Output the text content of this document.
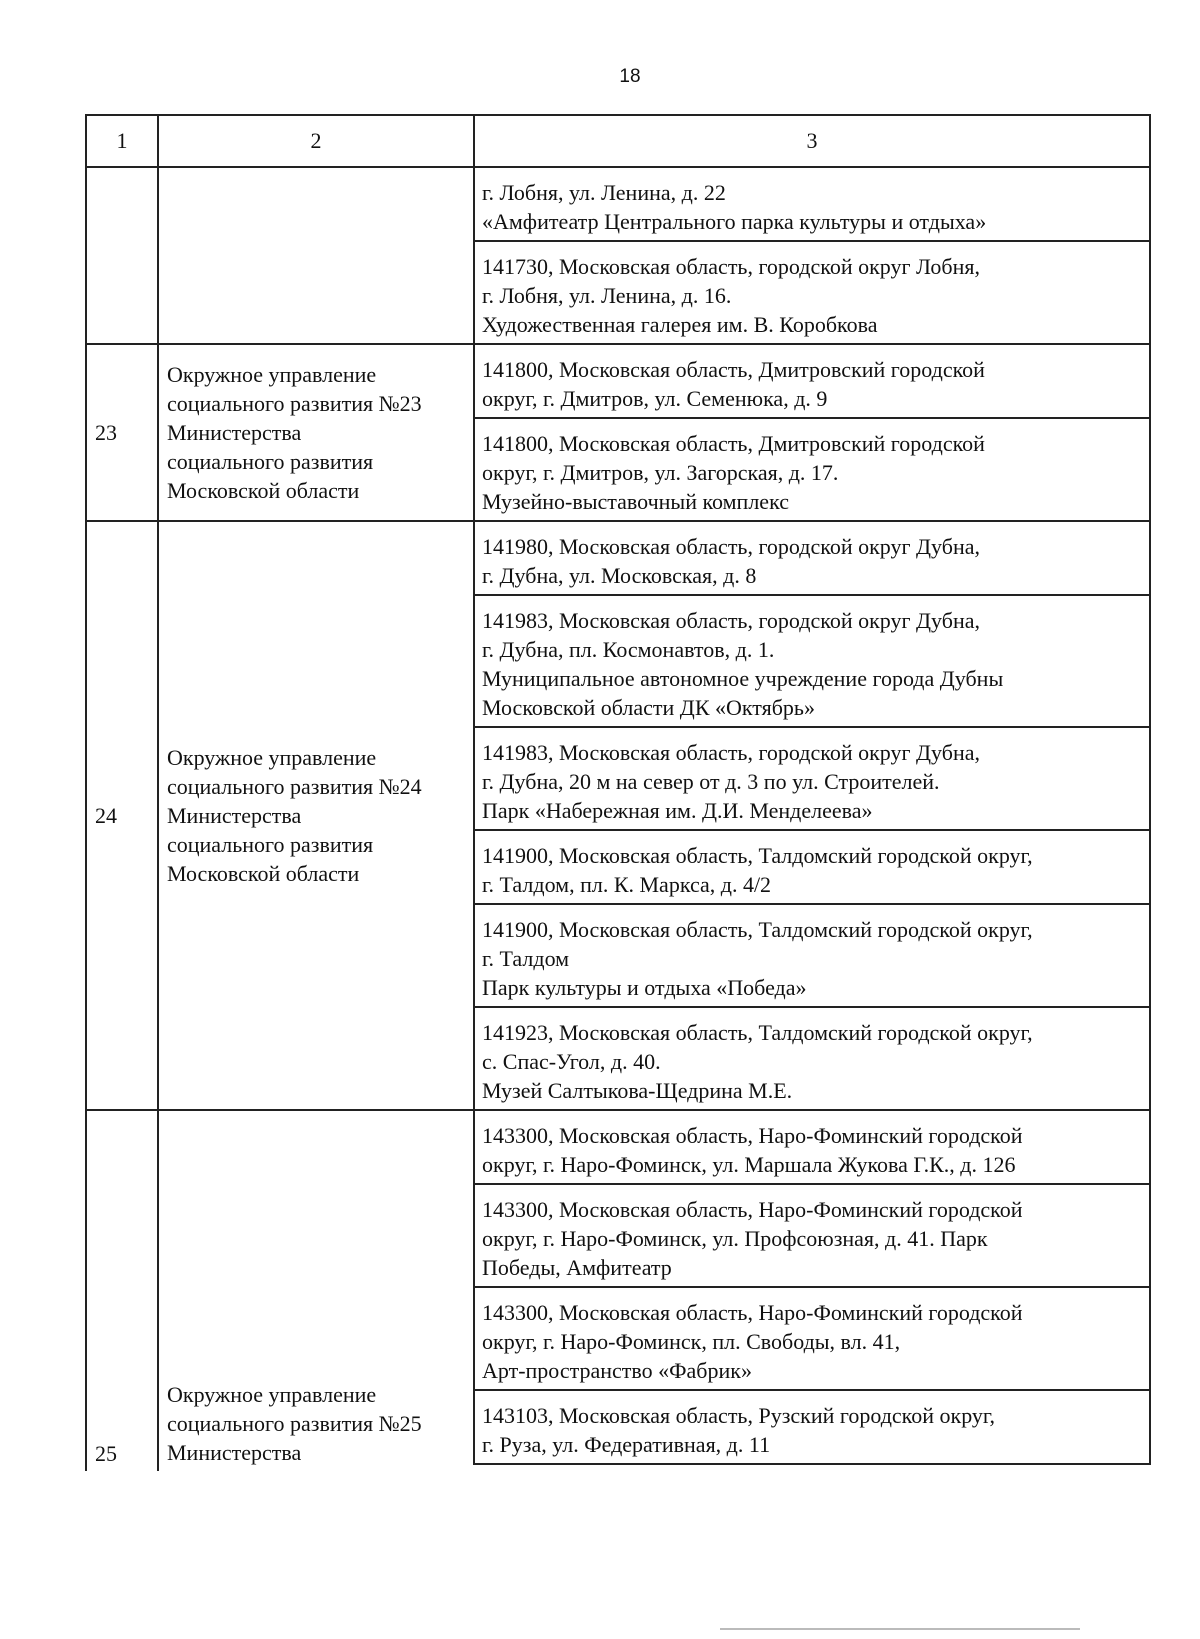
18
1	2	3
г. Лобня, ул. Ленина, д. 22
«Амфитеатр Центрального парка культуры и отдыха»
141730, Московская область, городской округ Лобня,
г. Лобня, ул. Ленина, д. 16.
Художественная галерея им. В. Коробкова
23
Окружное управление
социального развития №23
Министерства
социального развития
Московской области
141800, Московская область, Дмитровский городской
округ, г. Дмитров, ул. Семенюка, д. 9
141800, Московская область, Дмитровский городской
округ, г. Дмитров, ул. Загорская, д. 17.
Музейно-выставочный комплекс
24
Окружное управление
социального развития №24
Министерства
социального развития
Московской области
141980, Московская область, городской округ Дубна,
г. Дубна, ул. Московская, д. 8
141983, Московская область, городской округ Дубна,
г. Дубна, пл. Космонавтов, д. 1.
Муниципальное автономное учреждение города Дубны
Московской области ДК «Октябрь»
141983, Московская область, городской округ Дубна,
г. Дубна, 20 м на север от д. 3 по ул. Строителей.
Парк «Набережная им. Д.И. Менделеева»
141900, Московская область, Талдомский городской округ,
г. Талдом, пл. К. Маркса, д. 4/2
141900, Московская область, Талдомский городской округ,
г. Талдом
Парк культуры и отдыха «Победа»
141923, Московская область, Талдомский городской округ,
с. Спас-Угол, д. 40.
Музей Салтыкова-Щедрина М.Е.
25
Окружное управление
социального развития №25
Министерства
143300, Московская область, Наро-Фоминский городской
округ, г. Наро-Фоминск, ул. Маршала Жукова Г.К., д. 126
143300, Московская область, Наро-Фоминский городской
округ, г. Наро-Фоминск, ул. Профсоюзная, д. 41. Парк
Победы, Амфитеатр
143300, Московская область, Наро-Фоминский городской
округ, г. Наро-Фоминск, пл. Свободы, вл. 41,
Арт-пространство «Фабрик»
143103, Московская область, Рузский городской округ,
г. Руза, ул. Федеративная, д. 11
